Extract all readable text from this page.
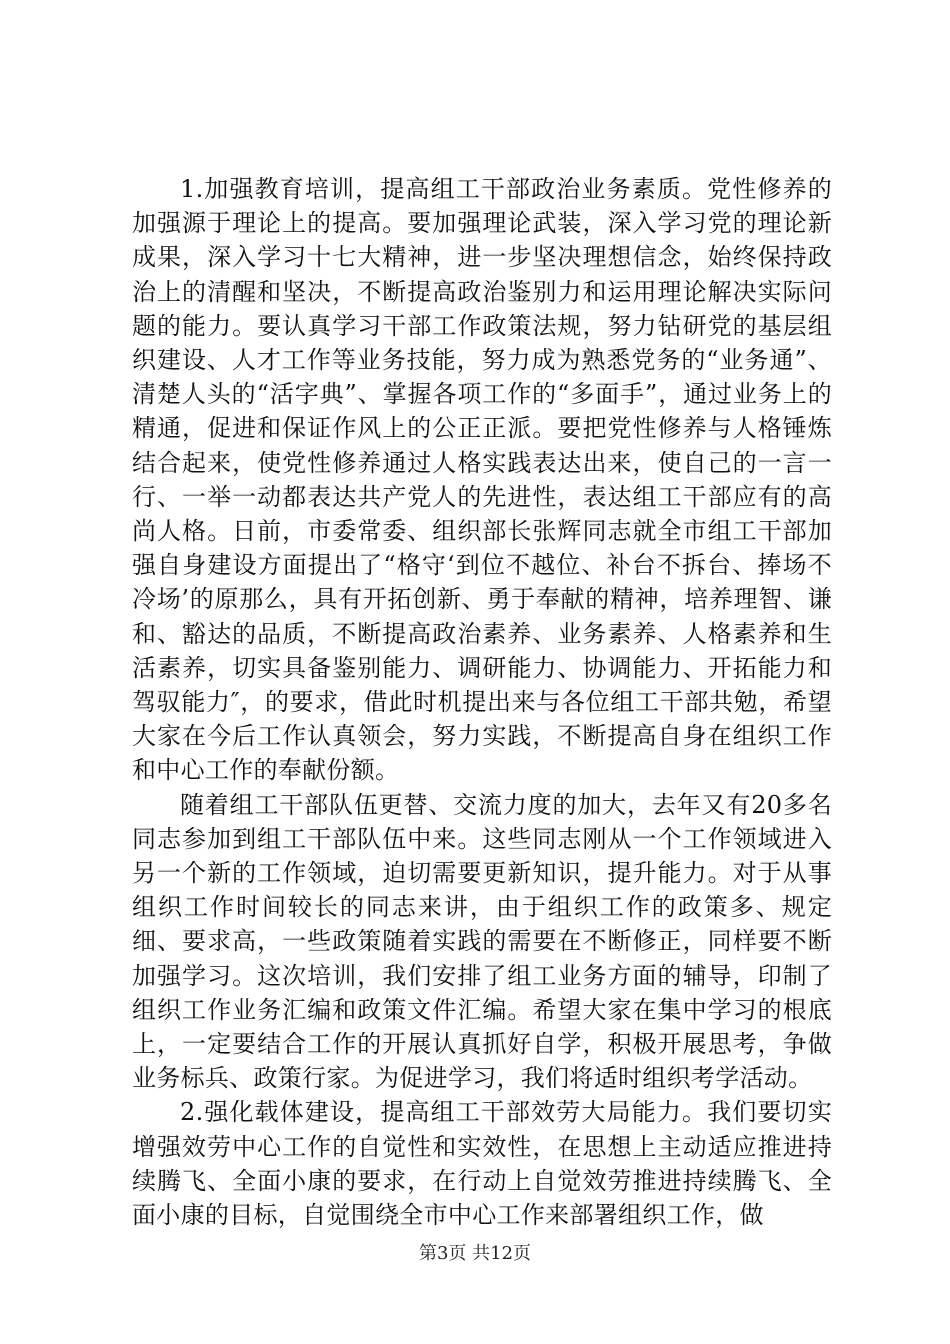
1.加强教育培训，提高组工干部政治业务素质。党性修养的加强源于理论上的提高。要加强理论武装，深入学习党的理论新成果，深入学习十七大精神，进一步坚决理想信念，始终保持政治上的清醒和坚决，不断提高政治鉴别力和运用理论解决实际问题的能力。要认真学习干部工作政策法规，努力钻研党的基层组织建设、人才工作等业务技能，努力成为熟悉党务的“业务通”、清楚人头的“活字典”、掌握各项工作的“多面手”，通过业务上的精通，促进和保证作风上的公正正派。要把党性修养与人格锤炼结合起来，使党性修养通过人格实践表达出来，使自己的一言一行、一举一动都表达共产党人的先进性，表达组工干部应有的高尚人格。日前，市委常委、组织部长张辉同志就全市组工干部加强自身建设方面提出了“格守‘到位不越位、补台不拆台、捧场不冷场’的原那么，具有开拓创新、勇于奉献的精神，培养理智、谦和、豁达的品质，不断提高政治素养、业务素养、人格素养和生活素养，切实具备鉴别能力、调研能力、协调能力、开拓能力和驾驭能力″，的要求，借此时机提出来与各位组工干部共勉，希望大家在今后工作认真领会，努力实践，不断提高自身在组织工作和中心工作的奉献份额。

随着组工干部队伍更替、交流力度的加大，去年又有20多名同志参加到组工干部队伍中来。这些同志刚从一个工作领域进入另一个新的工作领域，迫切需要更新知识，提升能力。对于从事组织工作时间较长的同志来讲，由于组织工作的政策多、规定细、要求高，一些政策随着实践的需要在不断修正，同样要不断加强学习。这次培训，我们安排了组工业务方面的辅导，印制了组织工作业务汇编和政策文件汇编。希望大家在集中学习的根底上，一定要结合工作的开展认真抓好自学，积极开展思考，争做业务标兵、政策行家。为促进学习，我们将适时组织考学活动。

2.强化载体建设，提高组工干部效劳大局能力。我们要切实增强效劳中心工作的自觉性和实效性，在思想上主动适应推进持续腾飞、全面小康的要求，在行动上自觉效劳推进持续腾飞、全面小康的目标，自觉围绕全市中心工作来部署组织工作，做

第3页 共12页
